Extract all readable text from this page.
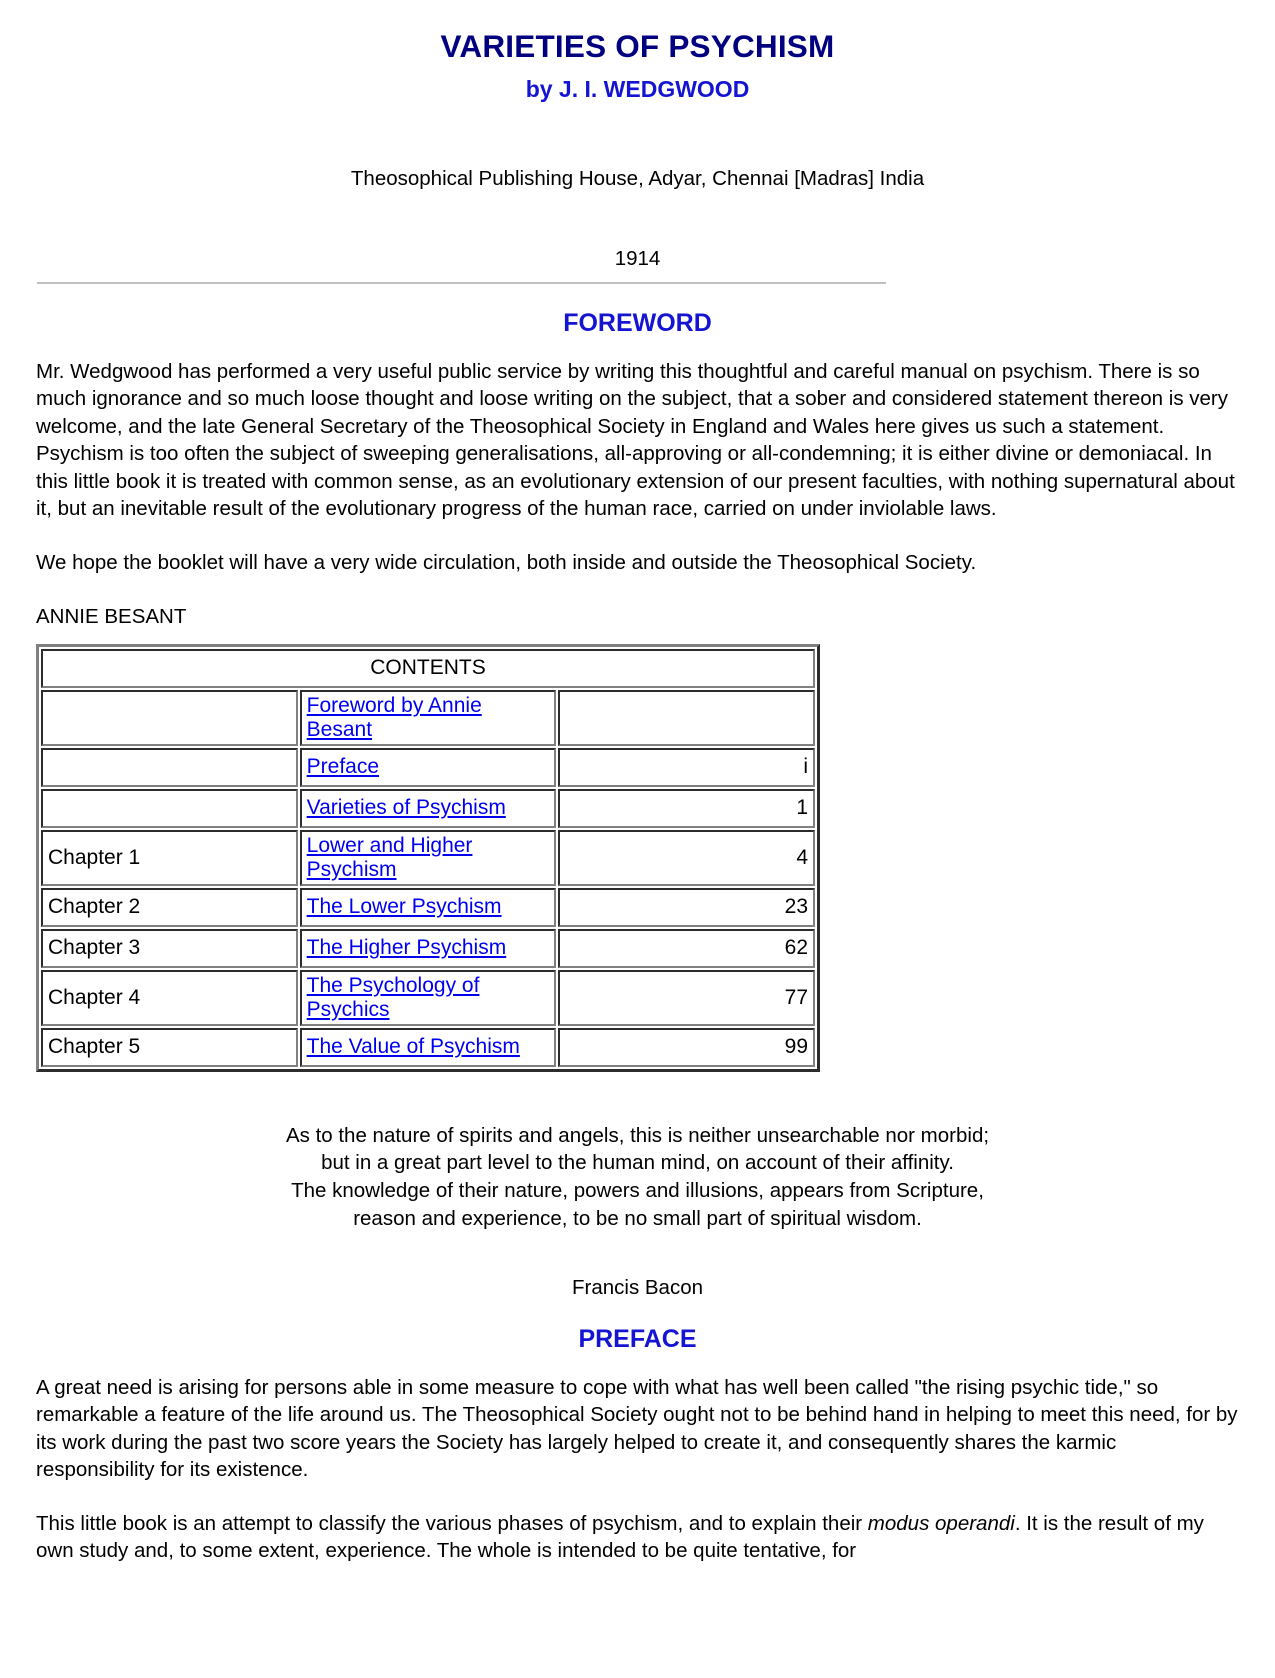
VARIETIES OF PSYCHISM
by J. I. WEDGWOOD

Theosophical Publishing House, Adyar, Chennai [Madras] India

1914

FOREWORD

Mr. Wedgwood has performed a very useful public service by writing this thoughtful and careful manual on psychism. There is so much ignorance and so much loose thought and loose writing on the subject, that a sober and considered statement thereon is very welcome, and the late General Secretary of the Theosophical Society in England and Wales here gives us such a statement. Psychism is too often the subject of sweeping generalisations, all-approving or all-condemning; it is either divine or demoniacal. In this little book it is treated with common sense, as an evolutionary extension of our present faculties, with nothing supernatural about it, but an inevitable result of the evolutionary progress of the human race, carried on under inviolable laws.

We hope the booklet will have a very wide circulation, both inside and outside the Theosophical Society.

ANNIE BESANT

CONTENTS		
	Foreword by Annie Besant	
	Preface	i
	Varieties of Psychism	1
Chapter 1	Lower and Higher Psychism	4
Chapter 2	The Lower Psychism	23
Chapter 3	The Higher Psychism	62
Chapter 4	The Psychology of Psychics	77
Chapter 5	The Value of Psychism	99
As to the nature of spirits and angels, this is neither unsearchable nor morbid;
but in a great part level to the human mind, on account of their affinity.
The knowledge of their nature, powers and illusions, appears from Scripture,
reason and experience, to be no small part of spiritual wisdom.

Francis Bacon

PREFACE

A great need is arising for persons able in some measure to cope with what has well been called "the rising psychic tide," so remarkable a feature of the life around us. The Theosophical Society ought not to be behind hand in helping to meet this need, for by its work during the past two score years the Society has largely helped to create it, and consequently shares the karmic responsibility for its existence.

This little book is an attempt to classify the various phases of psychism, and to explain their modus operandi. It is the result of my own study and, to some extent, experience. The whole is intended to be quite tentative, for
